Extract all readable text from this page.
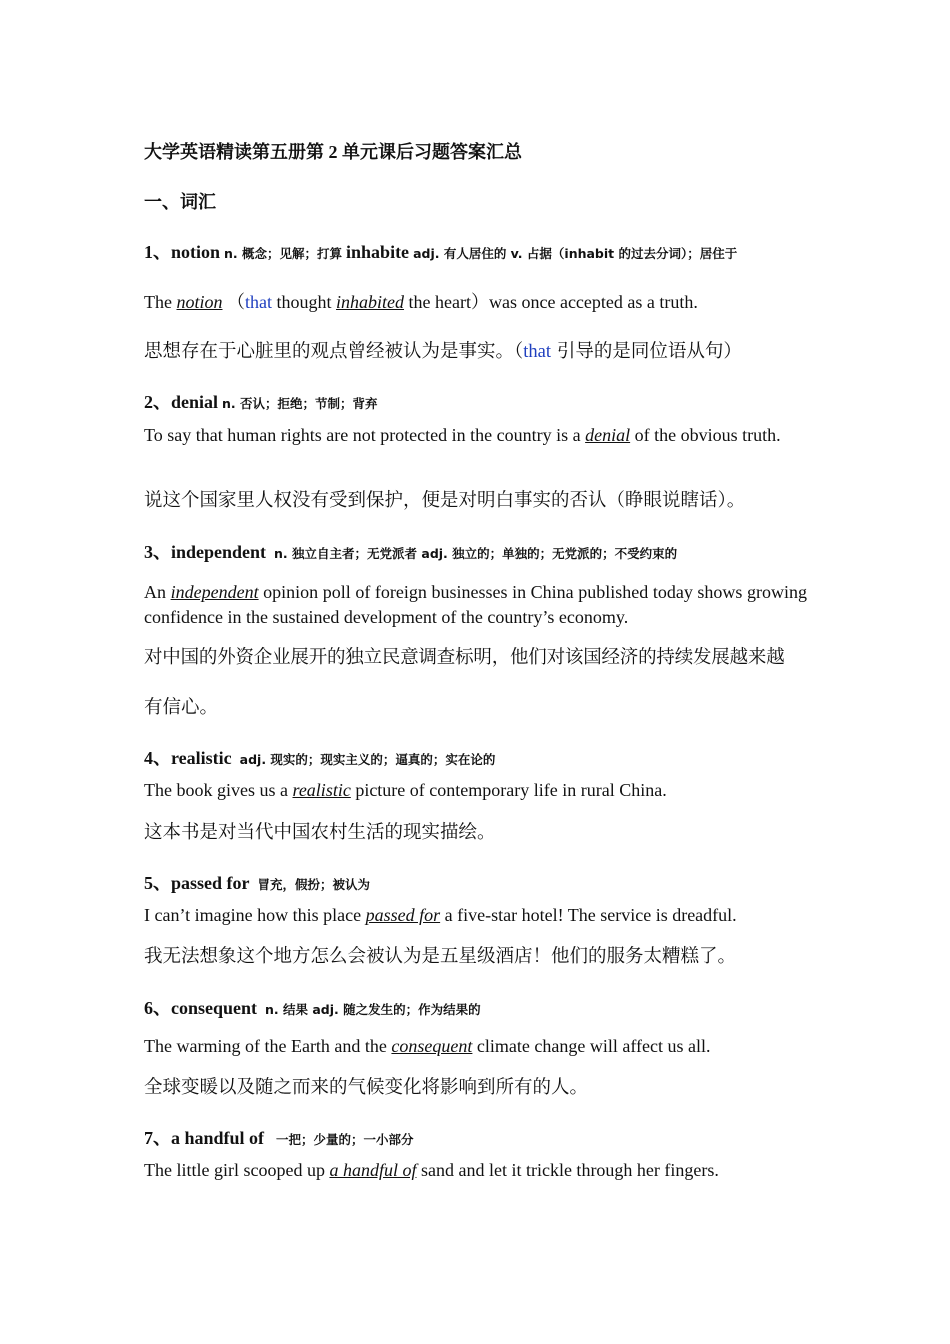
大学英语精读第五册第 2 单元课后习题答案汇总
一、词汇
1、notion n. 概念；见解；打算 inhabite adj. 有人居住的 v. 占据（inhabit 的过去分词）；居住于
The notion （that thought inhabited the heart）was once accepted as a truth.
思想存在于心脏里的观点曾经被认为是事实。（that 引导的是同位语从句）
2、denial n. 否认；拒绝；节制；背弃
To say that human rights are not protected in the country is a denial of the obvious truth.
说这个国家里人权没有受到保护，便是对明白事实的否认（睁眼说瞎话）。
3、independent n. 独立自主者；无党派者 adj. 独立的；单独的；无党派的；不受约束的
An independent opinion poll of foreign businesses in China published today shows growing confidence in the sustained development of the country’s economy.
对中国的外资企业展开的独立民意调查标明，他们对该国经济的持续发展越来越
有信心。
4、realistic adj. 现实的；现实主义的；逼真的；实在论的
The book gives us a realistic picture of contemporary life in rural China.
这本书是对当代中国农村生活的现实描绘。
5、passed for 冒充，假扮；被认为
I can’t imagine how this place passed for a five-star hotel! The service is dreadful.
我无法想象这个地方怎么会被认为是五星级酒店！他们的服务太糟糕了。
6、consequent n. 结果 adj. 随之发生的；作为结果的
The warming of the Earth and the consequent climate change will affect us all.
全球变暖以及随之而来的气候变化将影响到所有的人。
7、a handful of 一把；少量的；一小部分
The little girl scooped up a handful of sand and let it trickle through her fingers.
